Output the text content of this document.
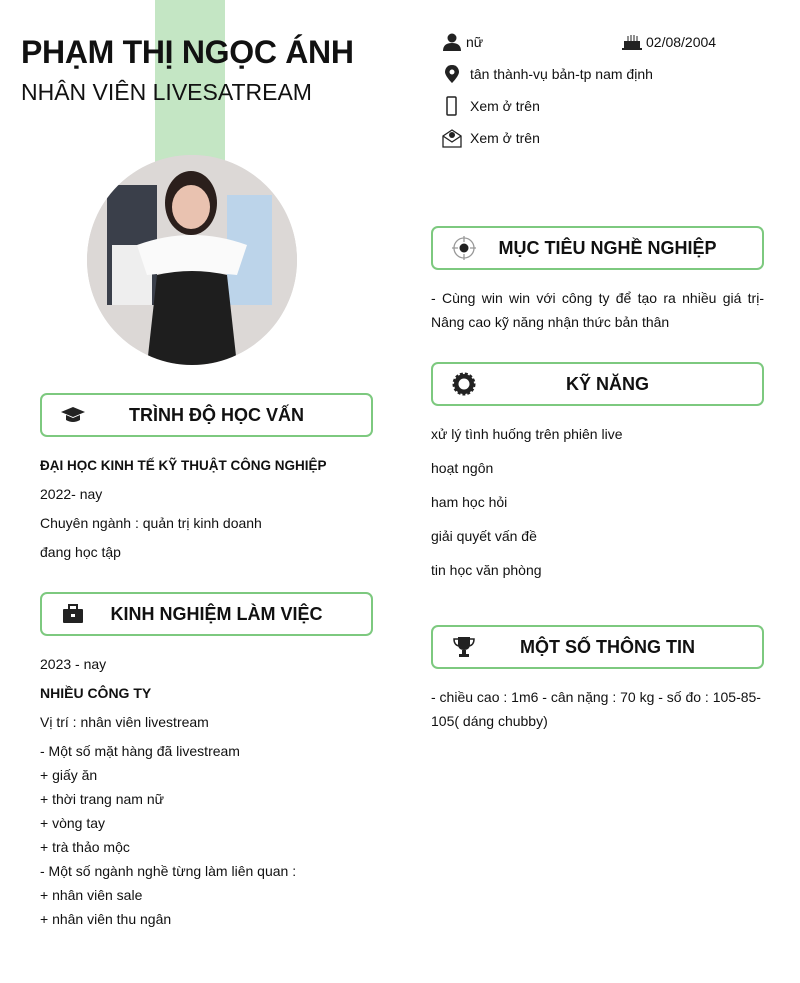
PHẠM THỊ NGỌC ÁNH
NHÂN VIÊN LIVESATREAM
nữ	02/08/2004
tân thành-vụ bản-tp nam định
Xem ở trên
Xem ở trên
TRÌNH ĐỘ HỌC VẤN
ĐẠI HỌC KINH TẾ KỸ THUẬT CÔNG NGHIỆP
2022- nay
Chuyên ngành : quản trị kinh doanh
đang học tập
KINH NGHIỆM LÀM VIỆC
2023 - nay
NHIỀU CÔNG TY
Vị trí : nhân viên livestream
- Một số mặt hàng đã livestream
+ giấy ăn
+ thời trang nam nữ
+ vòng tay
+ trà thảo mộc
- Một số ngành nghề từng làm liên quan :
+ nhân viên sale
+ nhân viên thu ngân
MỤC TIÊU NGHỀ NGHIỆP
- Cùng win win với công ty để tạo ra nhiều giá trị- Nâng cao kỹ năng nhận thức bản thân
KỸ NĂNG
xử lý tình huống trên phiên live
hoạt ngôn
ham học hỏi
giải quyết vấn đề
tin học văn phòng
MỘT SỐ THÔNG TIN
- chiều cao : 1m6 - cân nặng : 70 kg - số đo : 105-85-105( dáng chubby)
